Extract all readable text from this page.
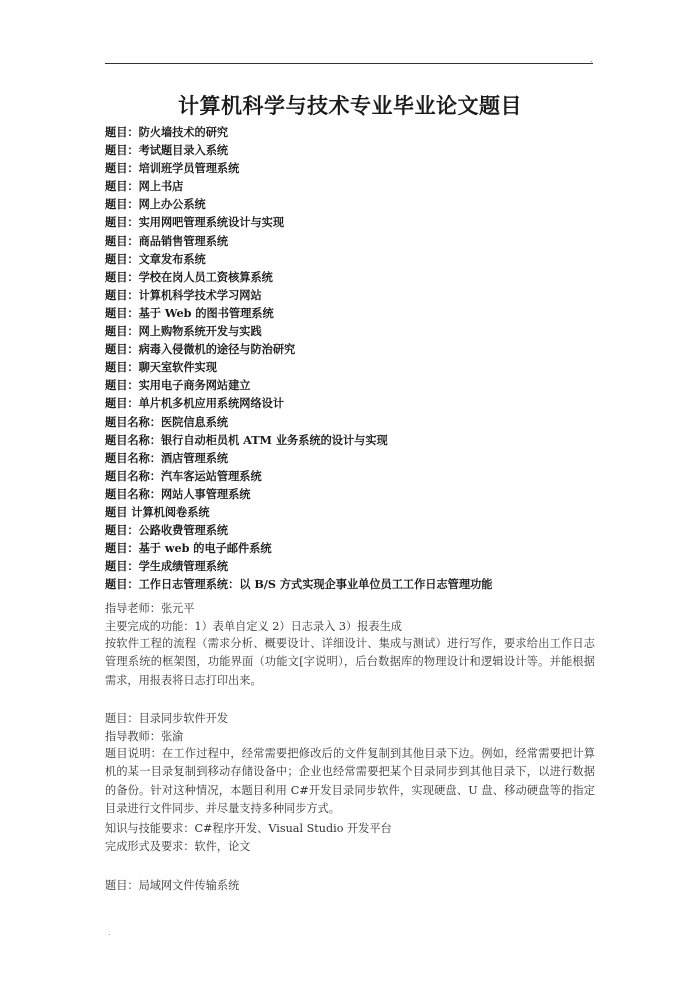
.
计算机科学与技术专业毕业论文题目
题目：防火墙技术的研究
题目：考试题目录入系统
题目：培训班学员管理系统
题目：网上书店
题目：网上办公系统
题目：实用网吧管理系统设计与实现
题目：商品销售管理系统
题目：文章发布系统
题目：学校在岗人员工资核算系统
题目：计算机科学技术学习网站
题目：基于 Web 的图书管理系统
题目：网上购物系统开发与实践
题目：病毒入侵微机的途径与防治研究
题目：聊天室软件实现
题目：实用电子商务网站建立
题目：单片机多机应用系统网络设计
题目名称：医院信息系统
题目名称：银行自动柜员机 ATM 业务系统的设计与实现
题目名称：酒店管理系统
题目名称：汽车客运站管理系统
题目名称：网站人事管理系统
题目 计算机阅卷系统
题目：公路收费管理系统
题目：基于 web 的电子邮件系统
题目：学生成绩管理系统
题目：工作日志管理系统：以 B/S 方式实现企事业单位员工工作日志管理功能
指导老师：张元平
主要完成的功能：1）表单自定义 2）日志录入 3）报表生成
按软件工程的流程（需求分析、概要设计、详细设计、集成与测试）进行写作，要求给出工作日志管理系统的框架图，功能界面（功能文[字说明），后台数据库的物理设计和逻辑设计等。并能根据需求，用报表将日志打印出来。
题目：目录同步软件开发
指导教师：张渝
题目说明：在工作过程中，经常需要把修改后的文件复制到其他目录下边。例如，经常需要把计算机的某一目录复制到移动存储设备中；企业也经常需要把某个目录同步到其他目录下，以进行数据的备份。针对这种情况，本题目利用 C#开发目录同步软件，实现硬盘、U 盘、移动硬盘等的指定目录进行文件同步、并尽量支持多种同步方式。
知识与技能要求：C#程序开发、Visual Studio 开发平台
完成形式及要求：软件，论文
题目：局域网文件传输系统
.
